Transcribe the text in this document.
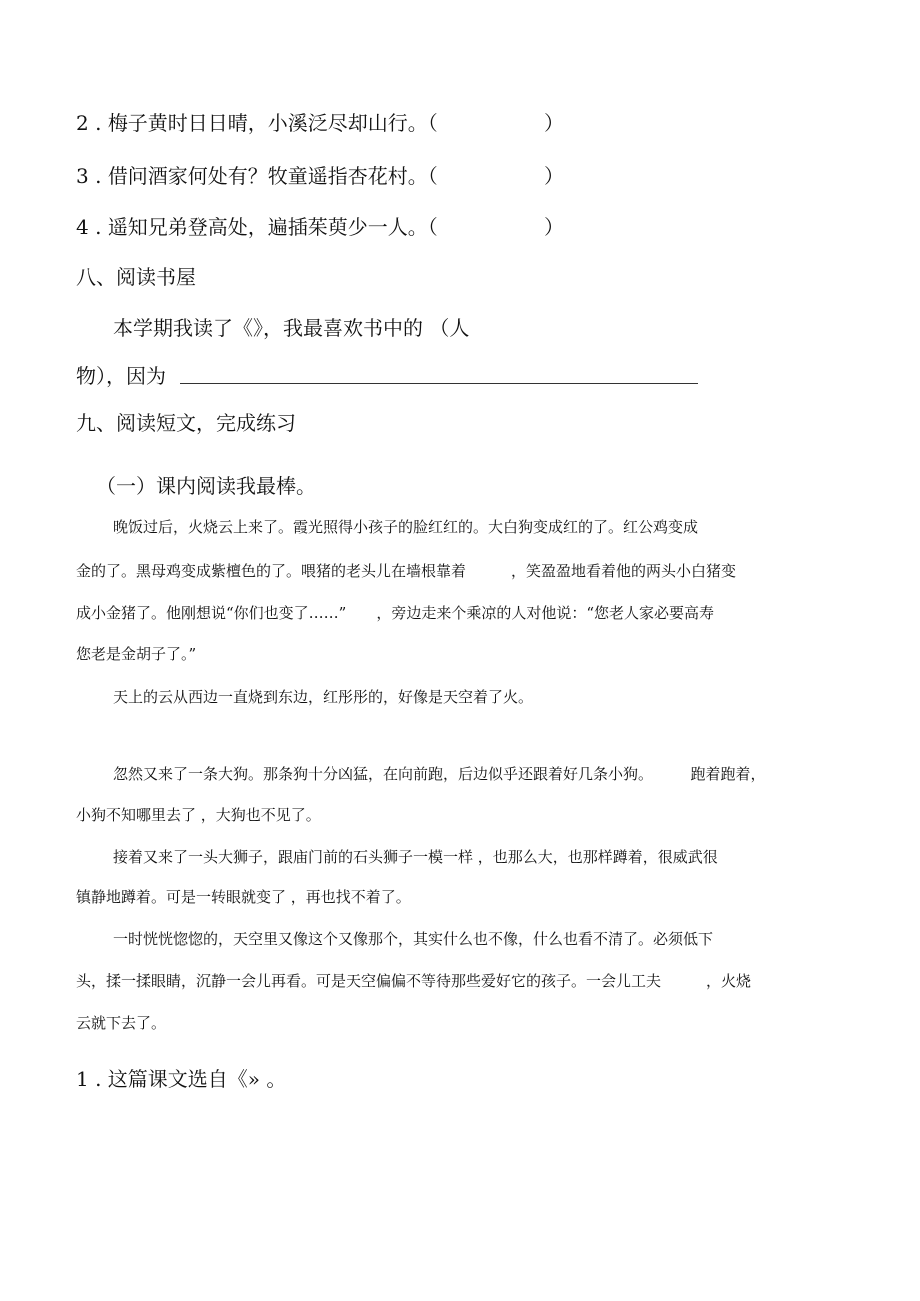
2 . 梅子黄时日日晴，小溪泛尽却山行。（	）
3 . 借问酒家何处有？牧童遥指杏花村。（	）
4 . 遥知兄弟登高处，遍插茱萸少一人。（	）
八、阅读书屋
本学期我读了《》，我最喜欢书中的 （人
物），因为
九、阅读短文，完成练习
（一）课内阅读我最棒。
晚饭过后，火烧云上来了。霞光照得小孩子的脸红红的。大白狗变成红的了。红公鸡变成
金的了。黑母鸡变成紫檀色的了。喂猪的老头儿在墙根靠着　　　，笑盈盈地看着他的两头小白猪变
成小金猪了。他刚想说“你们也变了……”　　，旁边走来个乘凉的人对他说：“您老人家必要高寿
您老是金胡子了。”
天上的云从西边一直烧到东边，红彤彤的，好像是天空着了火。
忽然又来了一条大狗。那条狗十分凶猛，在向前跑，后边似乎还跟着好几条小狗。　　　跑着跑着，
小狗不知哪里去了 ，大狗也不见了。
接着又来了一头大狮子，跟庙门前的石头狮子一模一样 ，也那么大，也那样蹲着，很威武很
镇静地蹲着。可是一转眼就变了 ，再也找不着了。
一时恍恍惚惚的，天空里又像这个又像那个，其实什么也不像，什么也看不清了。必须低下
头，揉一揉眼睛，沉静一会儿再看。可是天空偏偏不等待那些爱好它的孩子。一会儿工夫　　　，火烧
云就下去了。
1 . 这篇课文选自《» 。
